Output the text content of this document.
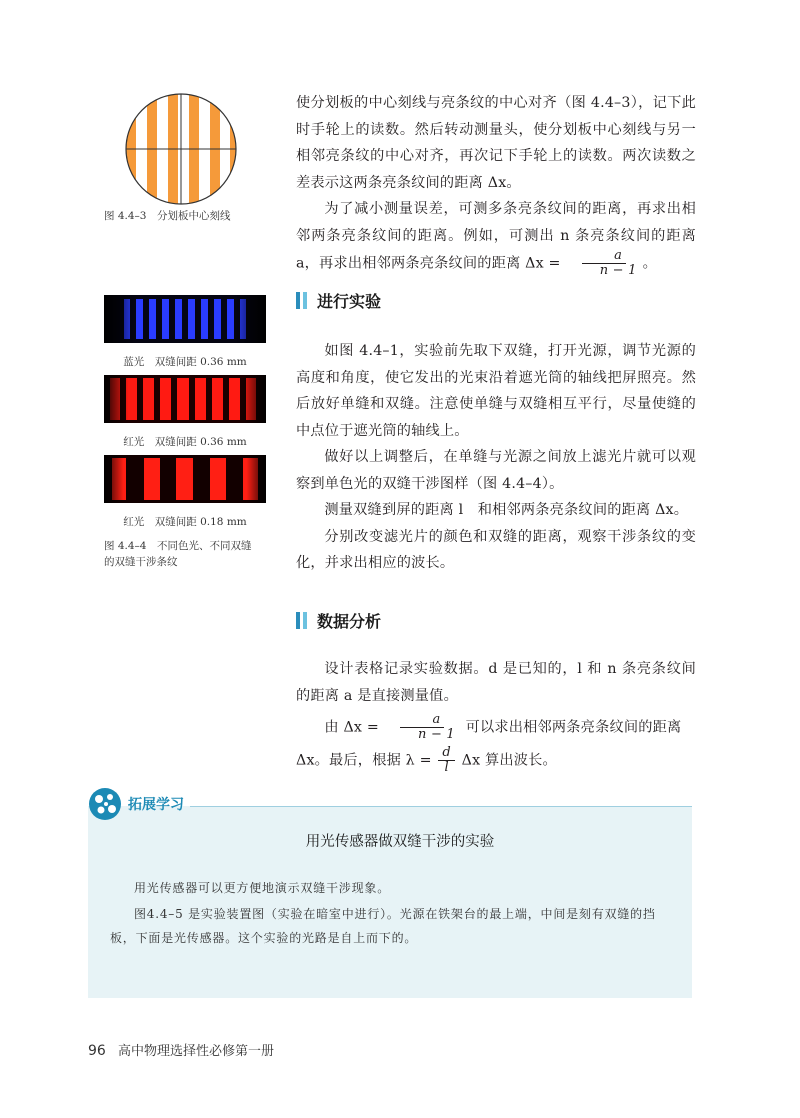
图 4.4–3　分划板中心刻线
蓝光　双缝间距 0.36 mm
红光　双缝间距 0.36 mm
红光　双缝间距 0.18 mm
图 4.4–4　不同色光、不同双缝
的双缝干涉条纹

使分划板的中心刻线与亮条纹的中心对齐（图 4.4–3），记下此时手轮上的读数。然后转动测量头，使分划板中心刻线与另一相邻亮条纹的中心对齐，再次记下手轮上的读数。两次读数之差表示这两条亮条纹间的距离 Δx。

为了减小测量误差，可测多条亮条纹间的距离，再求出相邻两条亮条纹间的距离。例如，可测出 n 条亮条纹间的距离 a，再求出相邻两条亮条纹间的距离 $\Delta x = \frac{a}{n - 1}$ 。

进行实验

如图 4.4–1，实验前先取下双缝，打开光源，调节光源的高度和角度，使它发出的光束沿着遮光筒的轴线把屏照亮。然后放好单缝和双缝。注意使单缝与双缝相互平行，尽量使缝的中点位于遮光筒的轴线上。

做好以上调整后，在单缝与光源之间放上滤光片就可以观察到单色光的双缝干涉图样（图 4.4–4）。

测量双缝到屏的距离 l　和相邻两条亮条纹间的距离 Δx。

分别改变滤光片的颜色和双缝的距离，观察干涉条纹的变化，并求出相应的波长。

数据分析

设计表格记录实验数据。d 是已知的，l 和 n 条亮条纹间的距离 a 是直接测量值。

由 $\Delta x = \frac{a}{n - 1}$ 可以求出相邻两条亮条纹间的距离

Δx。最后，根据 $\lambda = \frac{d}{l}$ Δx 算出波长。

拓展学习
用光传感器做双缝干涉的实验
用光传感器可以更方便地演示双缝干涉现象。
图4.4–5 是实验装置图（实验在暗室中进行）。光源在铁架台的最上端，中间是刻有双缝的挡板，下面是光传感器。这个实验的光路是自上而下的。
96 高中物理选择性必修第一册
